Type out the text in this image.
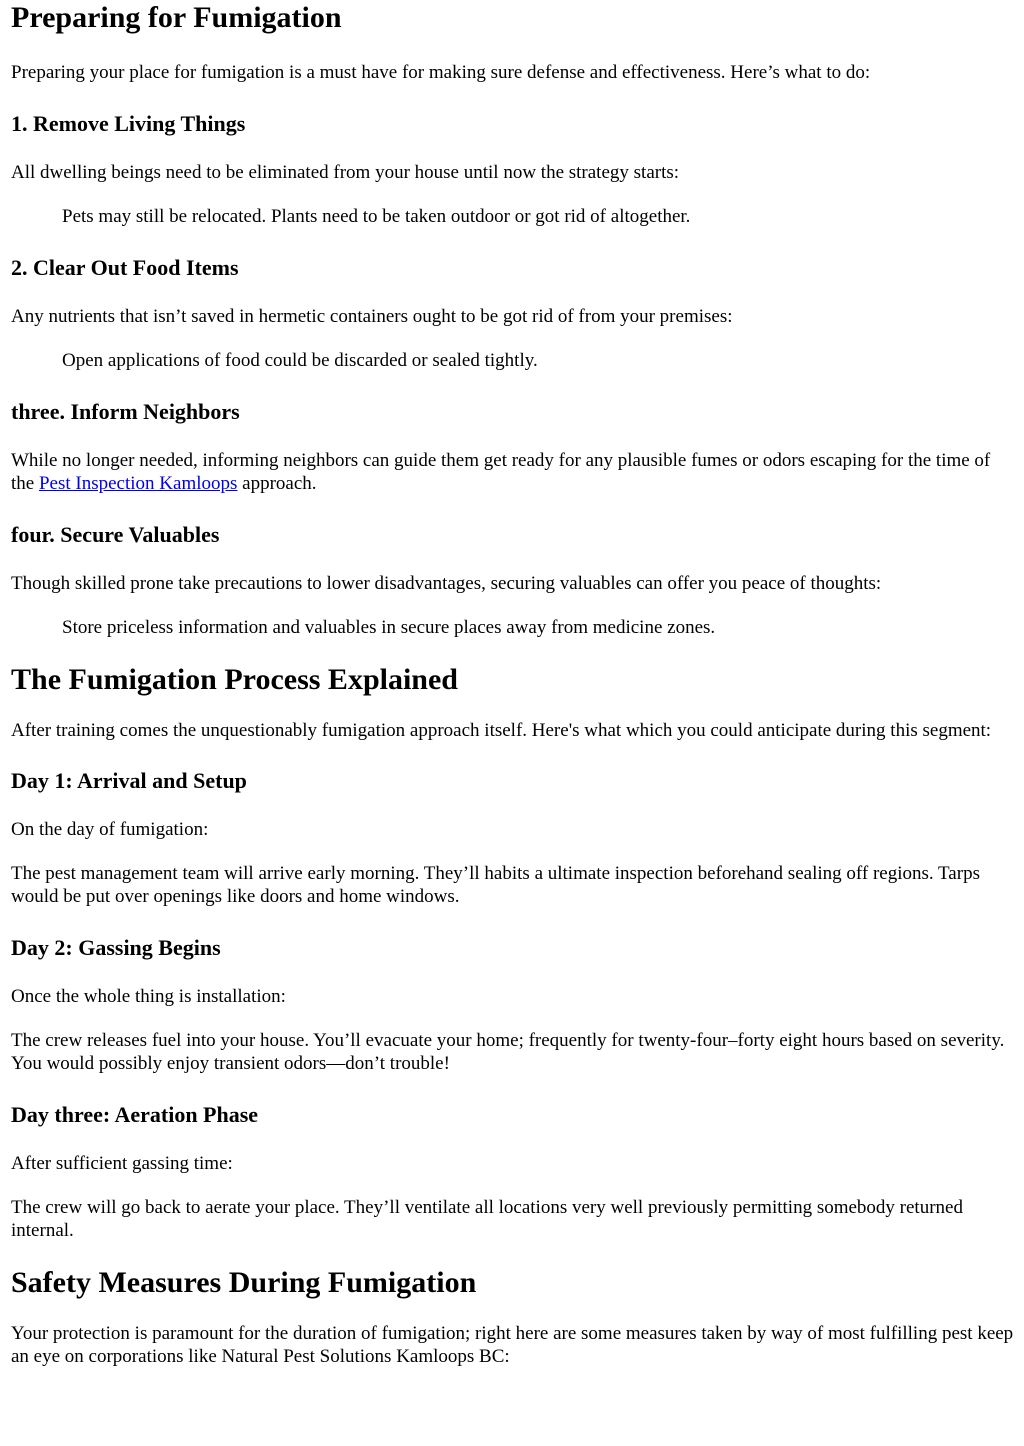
Preparing for Fumigation

Preparing your place for fumigation is a must have for making sure defense and effectiveness. Here’s what to do:

1. Remove Living Things

All dwelling beings need to be eliminated from your house until now the strategy starts:

Pets may still be relocated. Plants need to be taken outdoor or got rid of altogether.

2. Clear Out Food Items

Any nutrients that isn’t saved in hermetic containers ought to be got rid of from your premises:

Open applications of food could be discarded or sealed tightly.

three. Inform Neighbors

While no longer needed, informing neighbors can guide them get ready for any plausible fumes or odors escaping for the time of the Pest Inspection Kamloops approach.

four. Secure Valuables

Though skilled prone take precautions to lower disadvantages, securing valuables can offer you peace of thoughts:

Store priceless information and valuables in secure places away from medicine zones.

The Fumigation Process Explained

After training comes the unquestionably fumigation approach itself. Here's what which you could anticipate during this segment:

Day 1: Arrival and Setup

On the day of fumigation:

The pest management team will arrive early morning. They’ll habits a ultimate inspection beforehand sealing off regions. Tarps would be put over openings like doors and home windows.

Day 2: Gassing Begins

Once the whole thing is installation:

The crew releases fuel into your house. You’ll evacuate your home; frequently for twenty-four–forty eight hours based on severity. You would possibly enjoy transient odors—don’t trouble!

Day three: Aeration Phase

After sufficient gassing time:

The crew will go back to aerate your place. They’ll ventilate all locations very well previously permitting somebody returned internal.

Safety Measures During Fumigation

Your protection is paramount for the duration of fumigation; right here are some measures taken by way of most fulfilling pest keep an eye on corporations like Natural Pest Solutions Kamloops BC:
